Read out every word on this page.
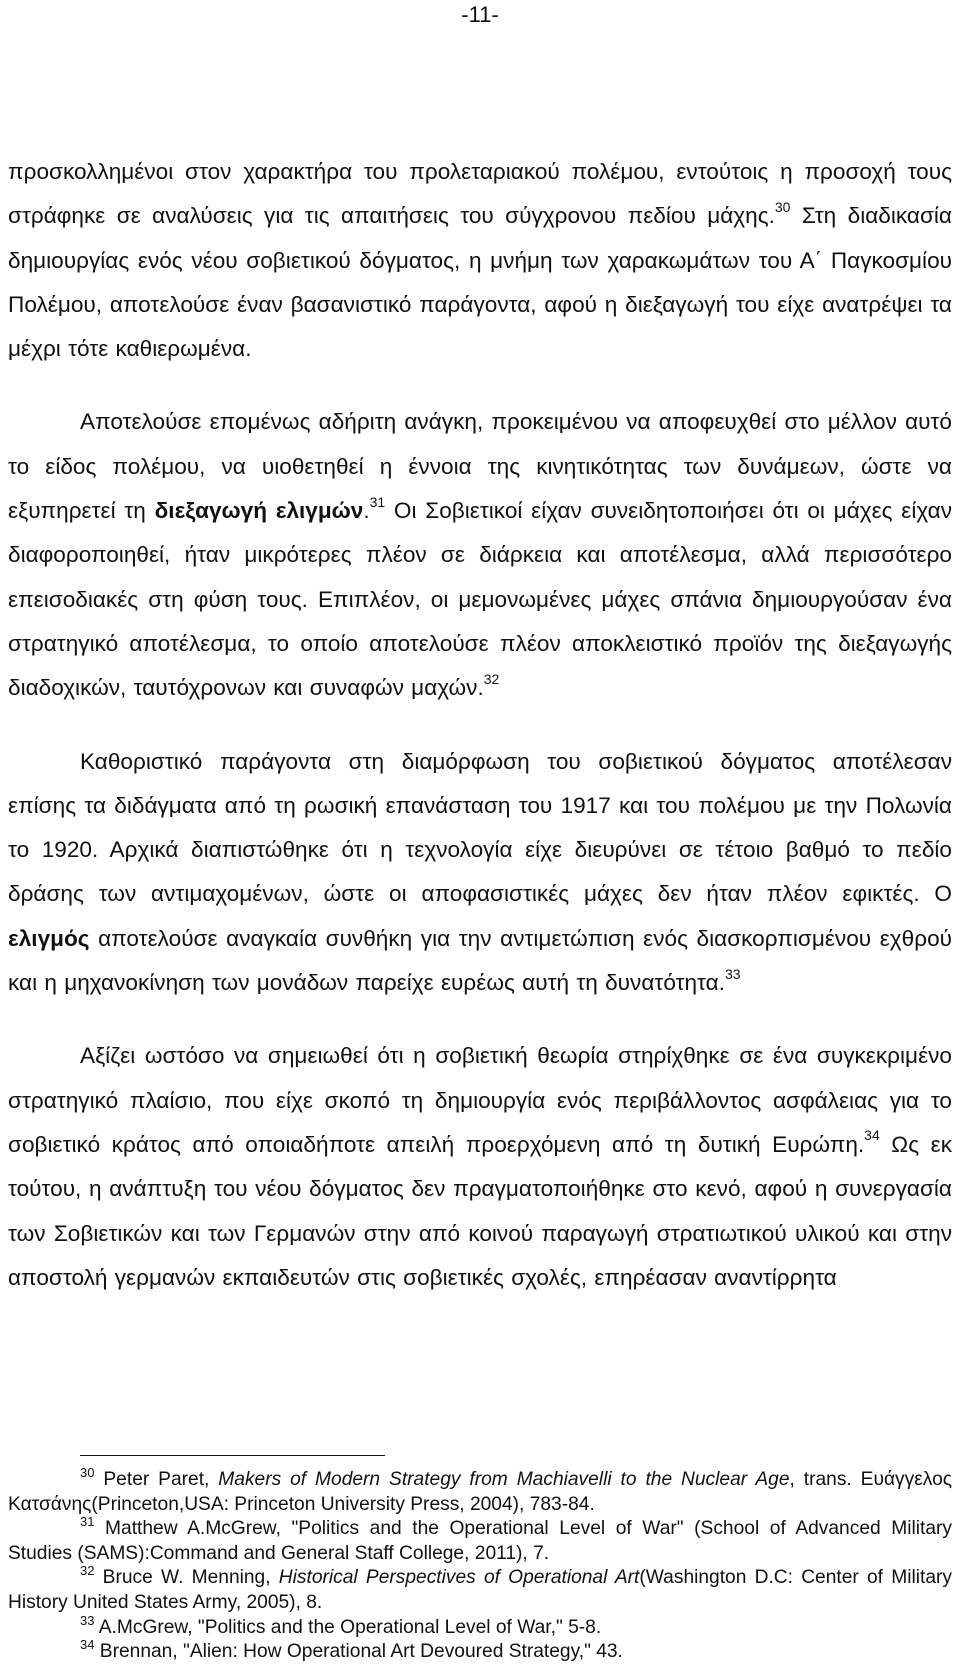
-11-

προσκολλημένοι στον χαρακτήρα του προλεταριακού πολέμου, εντούτοις η προσοχή τους στράφηκε σε αναλύσεις για τις απαιτήσεις του σύγχρονου πεδίου μάχης.$^{30}$ Στη διαδικασία δημιουργίας ενός νέου σοβιετικού δόγματος, η μνήμη των χαρακωμάτων του Α΄ Παγκοσμίου Πολέμου, αποτελούσε έναν βασανιστικό παράγοντα, αφού η διεξαγωγή του είχε ανατρέψει τα μέχρι τότε καθιερωμένα.

Αποτελούσε επομένως αδήριτη ανάγκη, προκειμένου να αποφευχθεί στο μέλλον αυτό το είδος πολέμου, να υιοθετηθεί η έννοια της κινητικότητας των δυνάμεων, ώστε να εξυπηρετεί τη διεξαγωγή ελιγμών.$^{31}$ Οι Σοβιετικοί είχαν συνειδητοποιήσει ότι οι μάχες είχαν διαφοροποιηθεί, ήταν μικρότερες πλέον σε διάρκεια και αποτέλεσμα, αλλά περισσότερο επεισοδιακές στη φύση τους. Επιπλέον, οι μεμονωμένες μάχες σπάνια δημιουργούσαν ένα στρατηγικό αποτέλεσμα, το οποίο αποτελούσε πλέον αποκλειστικό προϊόν της διεξαγωγής διαδοχικών, ταυτόχρονων και συναφών μαχών.$^{32}$

Καθοριστικό παράγοντα στη διαμόρφωση του σοβιετικού δόγματος αποτέλεσαν επίσης τα διδάγματα από τη ρωσική επανάσταση του 1917 και του πολέμου με την Πολωνία το 1920. Αρχικά διαπιστώθηκε ότι η τεχνολογία είχε διευρύνει σε τέτοιο βαθμό το πεδίο δράσης των αντιμαχομένων, ώστε οι αποφασιστικές μάχες δεν ήταν πλέον εφικτές. Ο ελιγμός αποτελούσε αναγκαία συνθήκη για την αντιμετώπιση ενός διασκορπισμένου εχθρού και η μηχανοκίνηση των μονάδων παρείχε ευρέως αυτή τη δυνατότητα.$^{33}$

Αξίζει ωστόσο να σημειωθεί ότι η σοβιετική θεωρία στηρίχθηκε σε ένα συγκεκριμένο στρατηγικό πλαίσιο, που είχε σκοπό τη δημιουργία ενός περιβάλλοντος ασφάλειας για το σοβιετικό κράτος από οποιαδήποτε απειλή προερχόμενη από τη δυτική Ευρώπη.$^{34}$ Ως εκ τούτου, η ανάπτυξη του νέου δόγματος δεν πραγματοποιήθηκε στο κενό, αφού η συνεργασία των Σοβιετικών και των Γερμανών στην από κοινού παραγωγή στρατιωτικού υλικού και στην αποστολή γερμανών εκπαιδευτών στις σοβιετικές σχολές, επηρέασαν αναντίρρητα

30 Peter Paret, Makers of Modern Strategy from Machiavelli to the Nuclear Age, trans. Ευάγγελος Κατσάνης(Princeton,USA: Princeton University Press, 2004), 783-84.

31 Matthew A.McGrew, "Politics and the Operational Level of War" (School of Advanced Military Studies (SAMS):Command and General Staff College, 2011), 7.

32 Bruce W. Menning, Historical Perspectives of Operational Art(Washington D.C: Center of Military History United States Army, 2005), 8.

33 A.McGrew, "Politics and the Operational Level of War," 5-8.

34 Brennan, "Alien: How Operational Art Devoured Strategy," 43.
